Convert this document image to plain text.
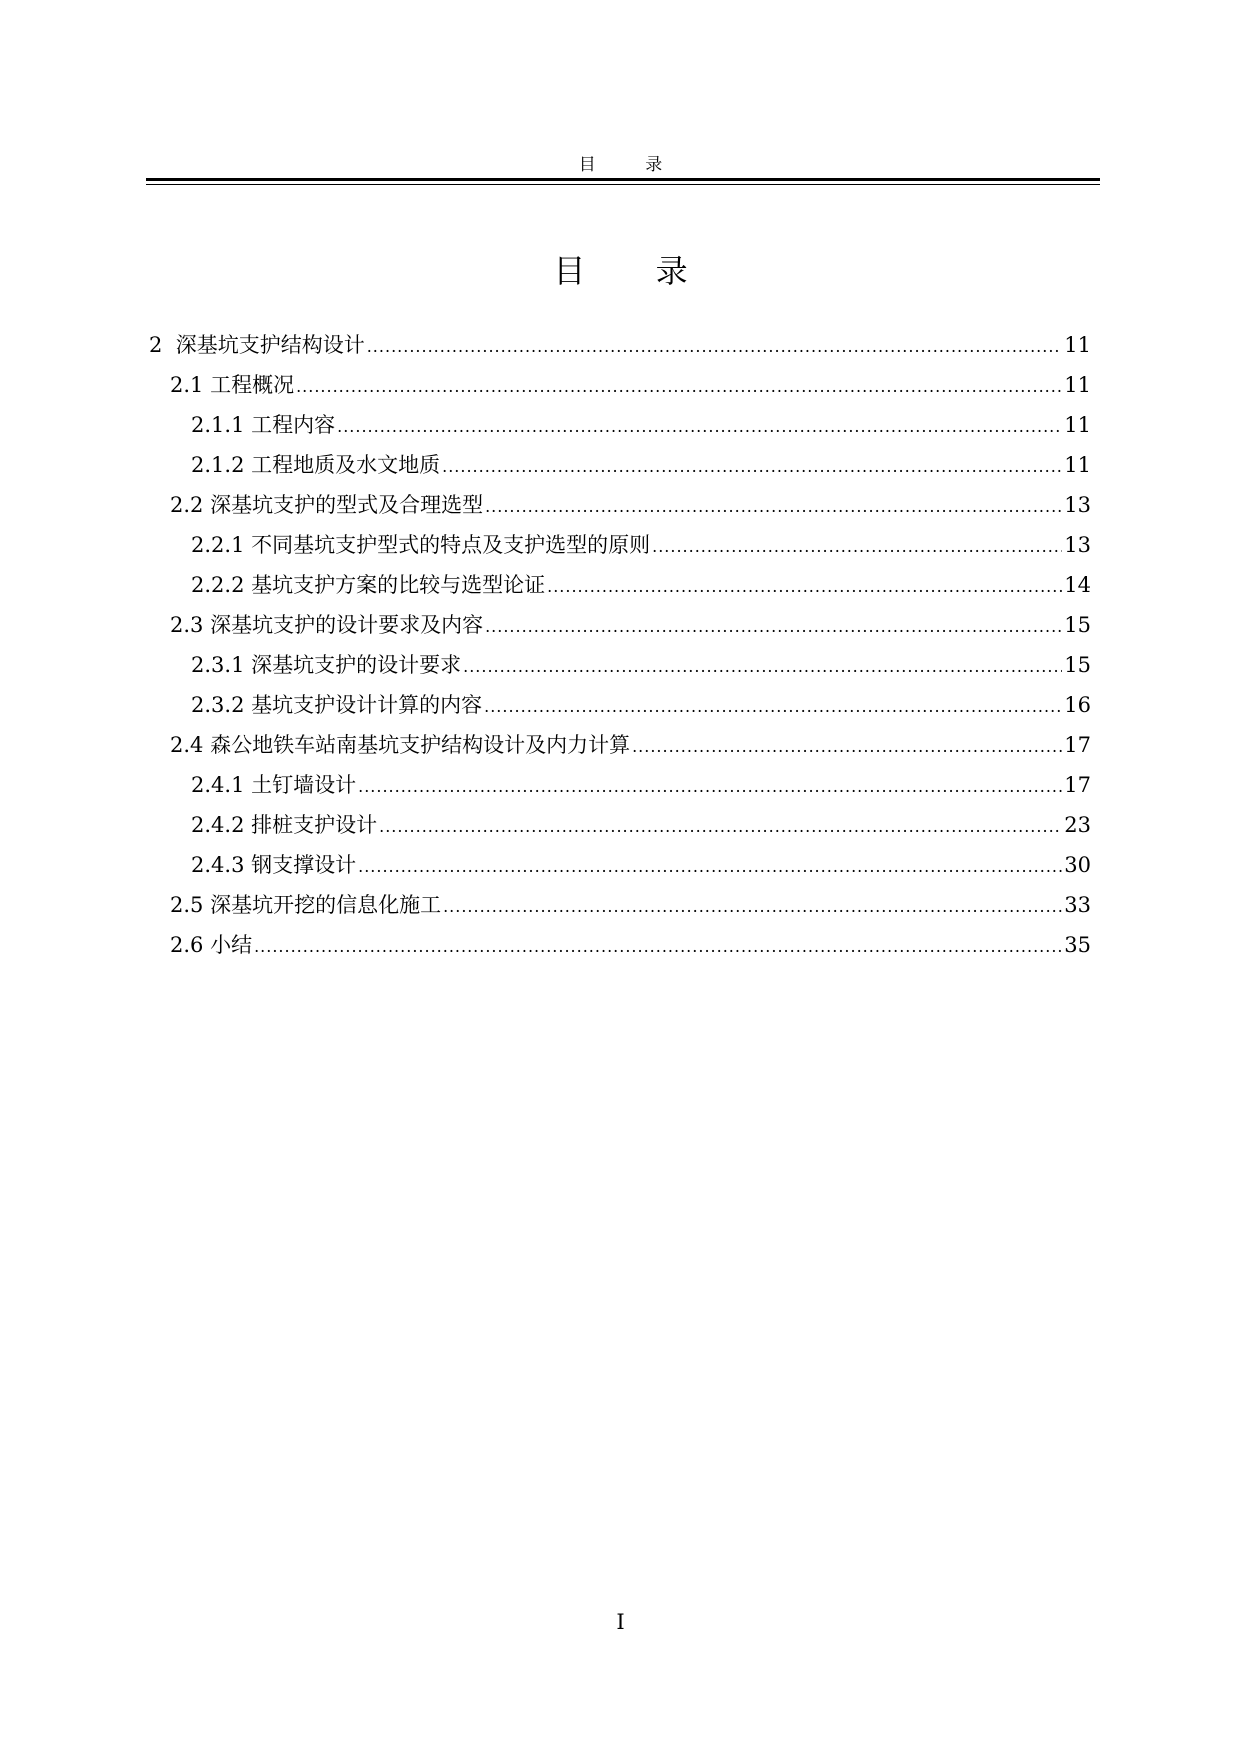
目 录
目 录
2 深基坑支护结构设计 .....	11
2.1 工程概况 .....	11
2.1.1 工程内容 .....	11
2.1.2 工程地质及水文地质 .....	11
2.2 深基坑支护的型式及合理选型 .....	13
2.2.1 不同基坑支护型式的特点及支护选型的原则 .....	13
2.2.2 基坑支护方案的比较与选型论证 .....	14
2.3 深基坑支护的设计要求及内容 .....	15
2.3.1 深基坑支护的设计要求 .....	15
2.3.2 基坑支护设计计算的内容 .....	16
2.4 森公地铁车站南基坑支护结构设计及内力计算 .....	17
2.4.1 土钉墙设计 .....	17
2.4.2 排桩支护设计 .....	23
2.4.3 钢支撑设计 .....	30
2.5 深基坑开挖的信息化施工 .....	33
2.6 小结 .....	35
I
